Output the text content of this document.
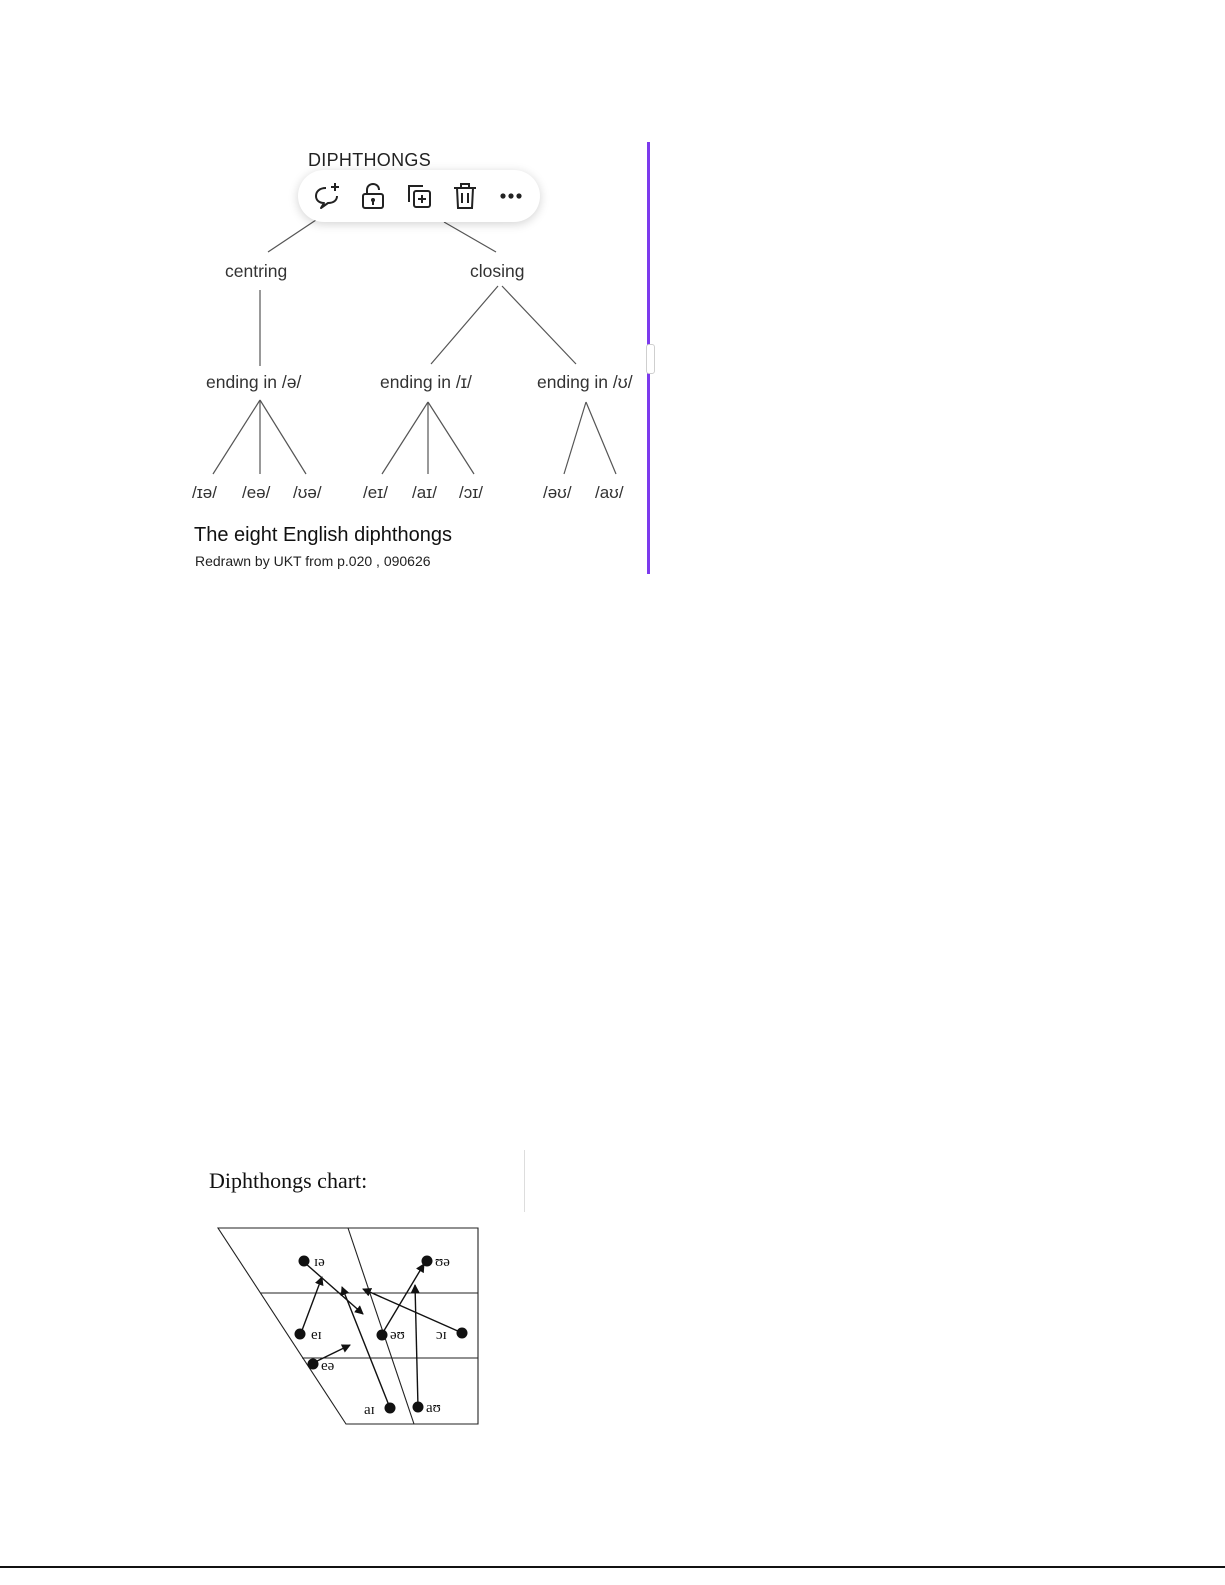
DIPHTHONGS
centring	closing
ending in /ə/	ending in /ɪ/	ending in /ʊ/
/ɪə/ /eə/ /ʊə/ /eɪ/ /aɪ/ /ɔɪ/	/əʊ/ /aʊ/
The eight English diphthongs
Redrawn by UKT from p.020 , 090626
Diphthongs chart:
ɪə	ʊə
eɪ	əʊ ɔɪ
eə
aɪ	aʊ
